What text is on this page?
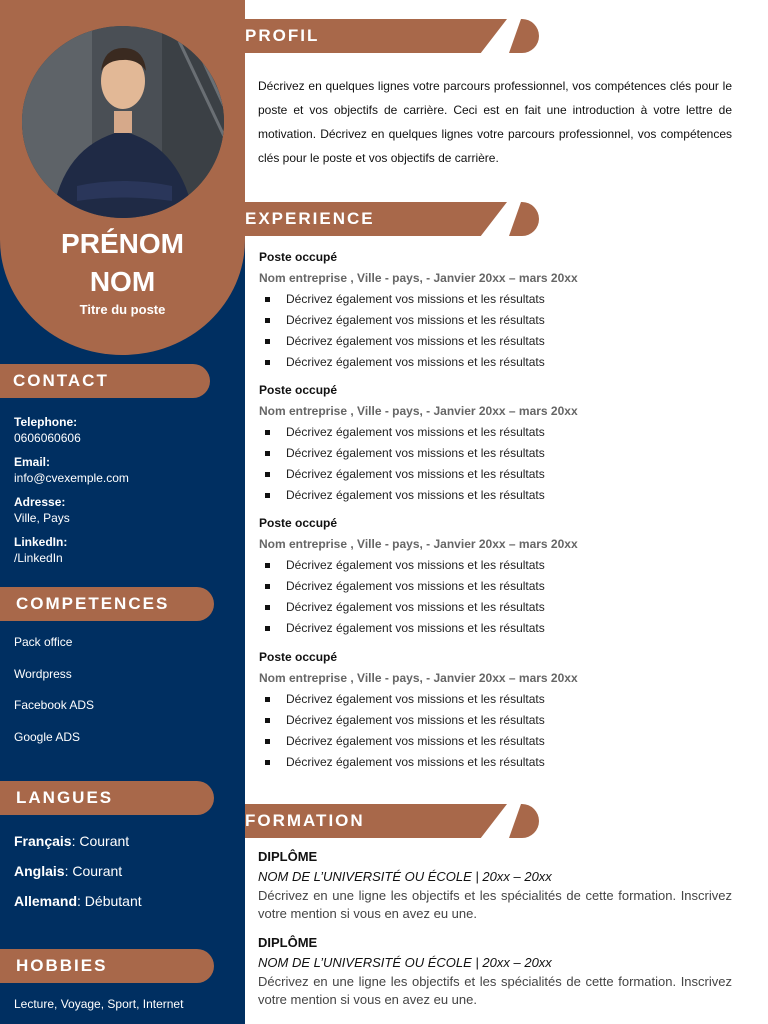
PRÉNOM
NOM
Titre du poste
CONTACT
Telephone:
0606060606
Email:
info@cvexemple.com
Adresse:
Ville, Pays
LinkedIn:
/LinkedIn
COMPETENCES
Pack office
Wordpress
Facebook ADS
Google ADS
LANGUES
Français: Courant
Anglais: Courant
Allemand: Débutant
HOBBIES
Lecture, Voyage, Sport, Internet
PROFIL
Décrivez en quelques lignes votre parcours professionnel, vos compétences clés pour le poste et vos objectifs de carrière. Ceci est en fait une introduction à votre lettre de motivation. Décrivez en quelques lignes votre parcours professionnel, vos compétences clés pour le poste et vos objectifs de carrière.
EXPERIENCE
Poste occupé
Nom entreprise , Ville - pays, - Janvier 20xx – mars 20xx
Décrivez également vos missions et les résultats
Décrivez également vos missions et les résultats
Décrivez également vos missions et les résultats
Décrivez également vos missions et les résultats
Poste occupé
Nom entreprise , Ville - pays, - Janvier 20xx – mars 20xx
Décrivez également vos missions et les résultats
Décrivez également vos missions et les résultats
Décrivez également vos missions et les résultats
Décrivez également vos missions et les résultats
Poste occupé
Nom entreprise , Ville - pays, - Janvier 20xx – mars 20xx
Décrivez également vos missions et les résultats
Décrivez également vos missions et les résultats
Décrivez également vos missions et les résultats
Décrivez également vos missions et les résultats
Poste occupé
Nom entreprise , Ville - pays, - Janvier 20xx – mars 20xx
Décrivez également vos missions et les résultats
Décrivez également vos missions et les résultats
Décrivez également vos missions et les résultats
Décrivez également vos missions et les résultats
FORMATION
DIPLÔME
NOM DE L’UNIVERSITÉ OU ÉCOLE | 20xx – 20xx
Décrivez en une ligne les objectifs et les spécialités de cette formation. Inscrivez votre mention si vous en avez eu une.
DIPLÔME
NOM DE L’UNIVERSITÉ OU ÉCOLE | 20xx – 20xx
Décrivez en une ligne les objectifs et les spécialités de cette formation. Inscrivez votre mention si vous en avez eu une.
